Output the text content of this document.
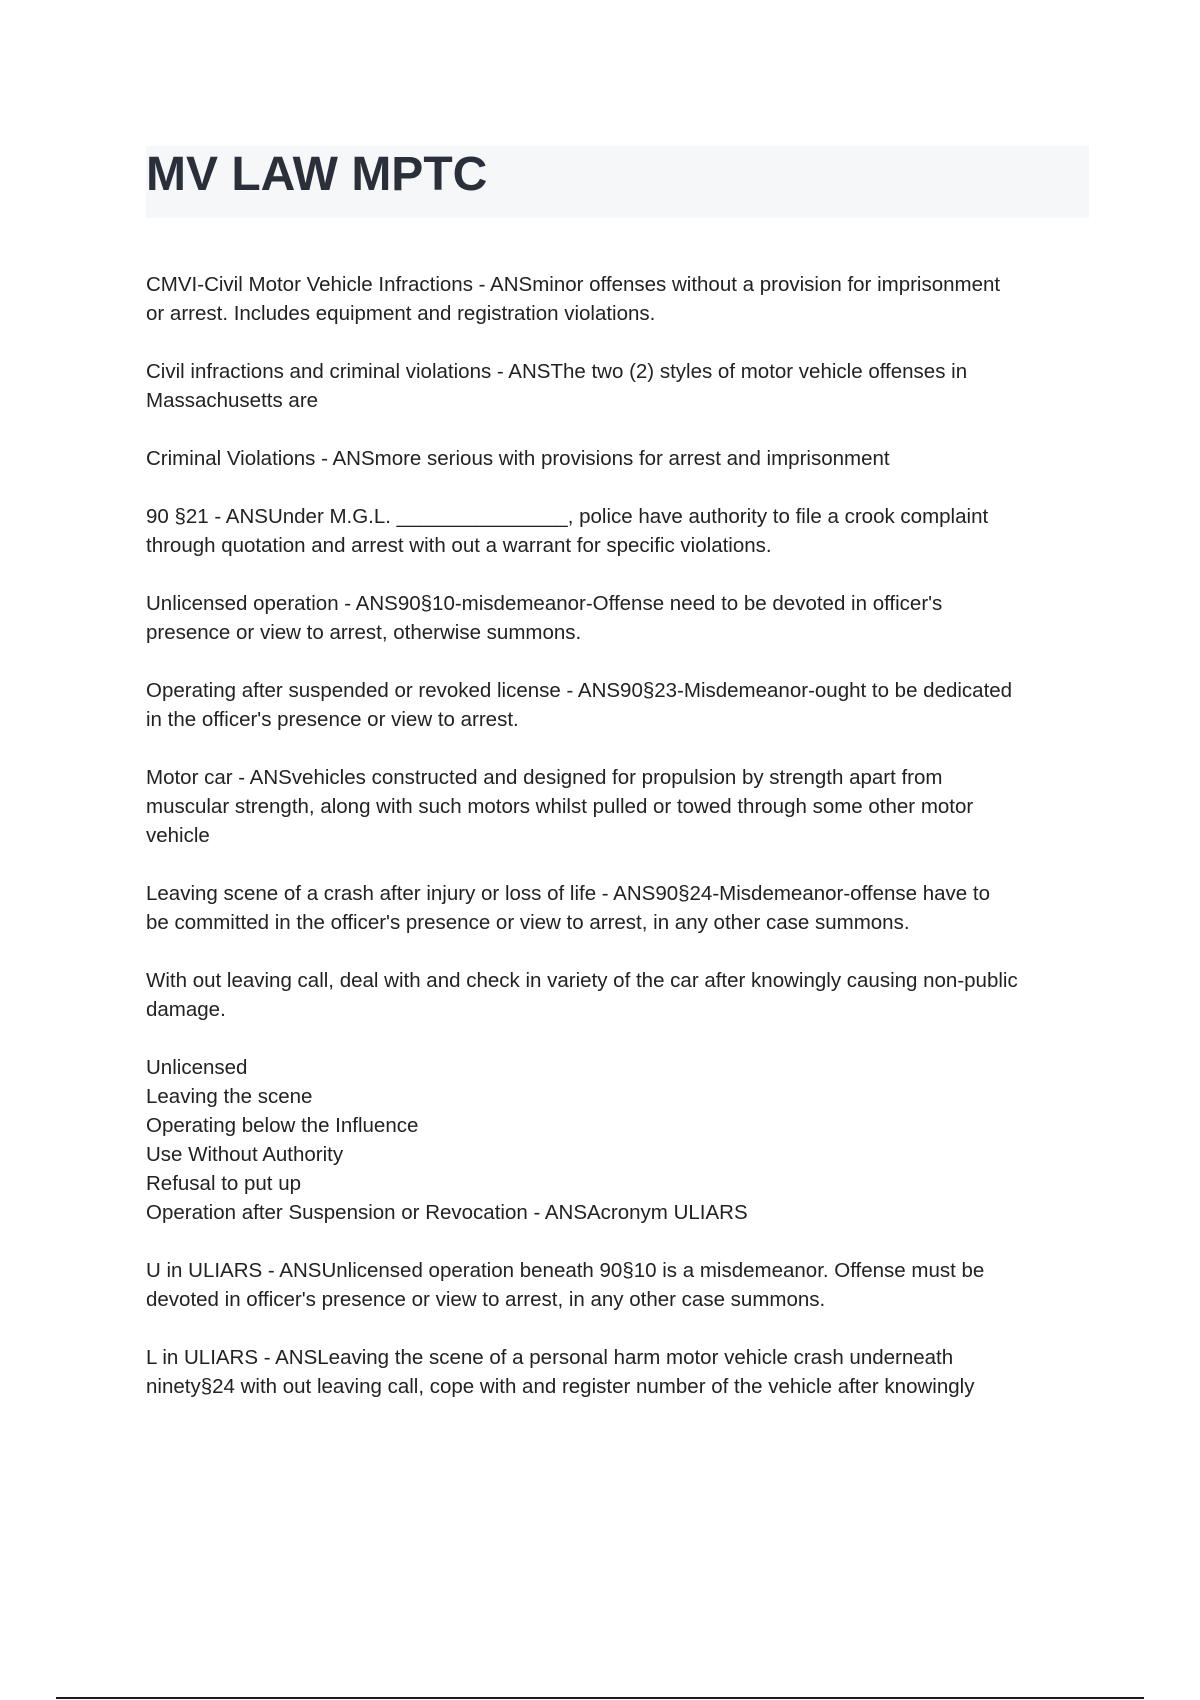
MV LAW MPTC

CMVI-Civil Motor Vehicle Infractions - ANSminor offenses without a provision for imprisonment
or arrest. Includes equipment and registration violations.

Civil infractions and criminal violations - ANSThe two (2) styles of motor vehicle offenses in
Massachusetts are

Criminal Violations - ANSmore serious with provisions for arrest and imprisonment

90 §21 - ANSUnder M.G.L. _______________, police have authority to file a crook complaint
through quotation and arrest with out a warrant for specific violations.

Unlicensed operation - ANS90§10-misdemeanor-Offense need to be devoted in officer's
presence or view to arrest, otherwise summons.

Operating after suspended or revoked license - ANS90§23-Misdemeanor-ought to be dedicated
in the officer's presence or view to arrest.

Motor car - ANSvehicles constructed and designed for propulsion by strength apart from
muscular strength, along with such motors whilst pulled or towed through some other motor
vehicle

Leaving scene of a crash after injury or loss of life - ANS90§24-Misdemeanor-offense have to
be committed in the officer's presence or view to arrest, in any other case summons.

With out leaving call, deal with and check in variety of the car after knowingly causing non-public
damage.

Unlicensed
Leaving the scene
Operating below the Influence
Use Without Authority
Refusal to put up
Operation after Suspension or Revocation - ANSAcronym ULIARS

U in ULIARS - ANSUnlicensed operation beneath 90§10 is a misdemeanor. Offense must be
devoted in officer's presence or view to arrest, in any other case summons.

L in ULIARS - ANSLeaving the scene of a personal harm motor vehicle crash underneath
ninety§24 with out leaving call, cope with and register number of the vehicle after knowingly
